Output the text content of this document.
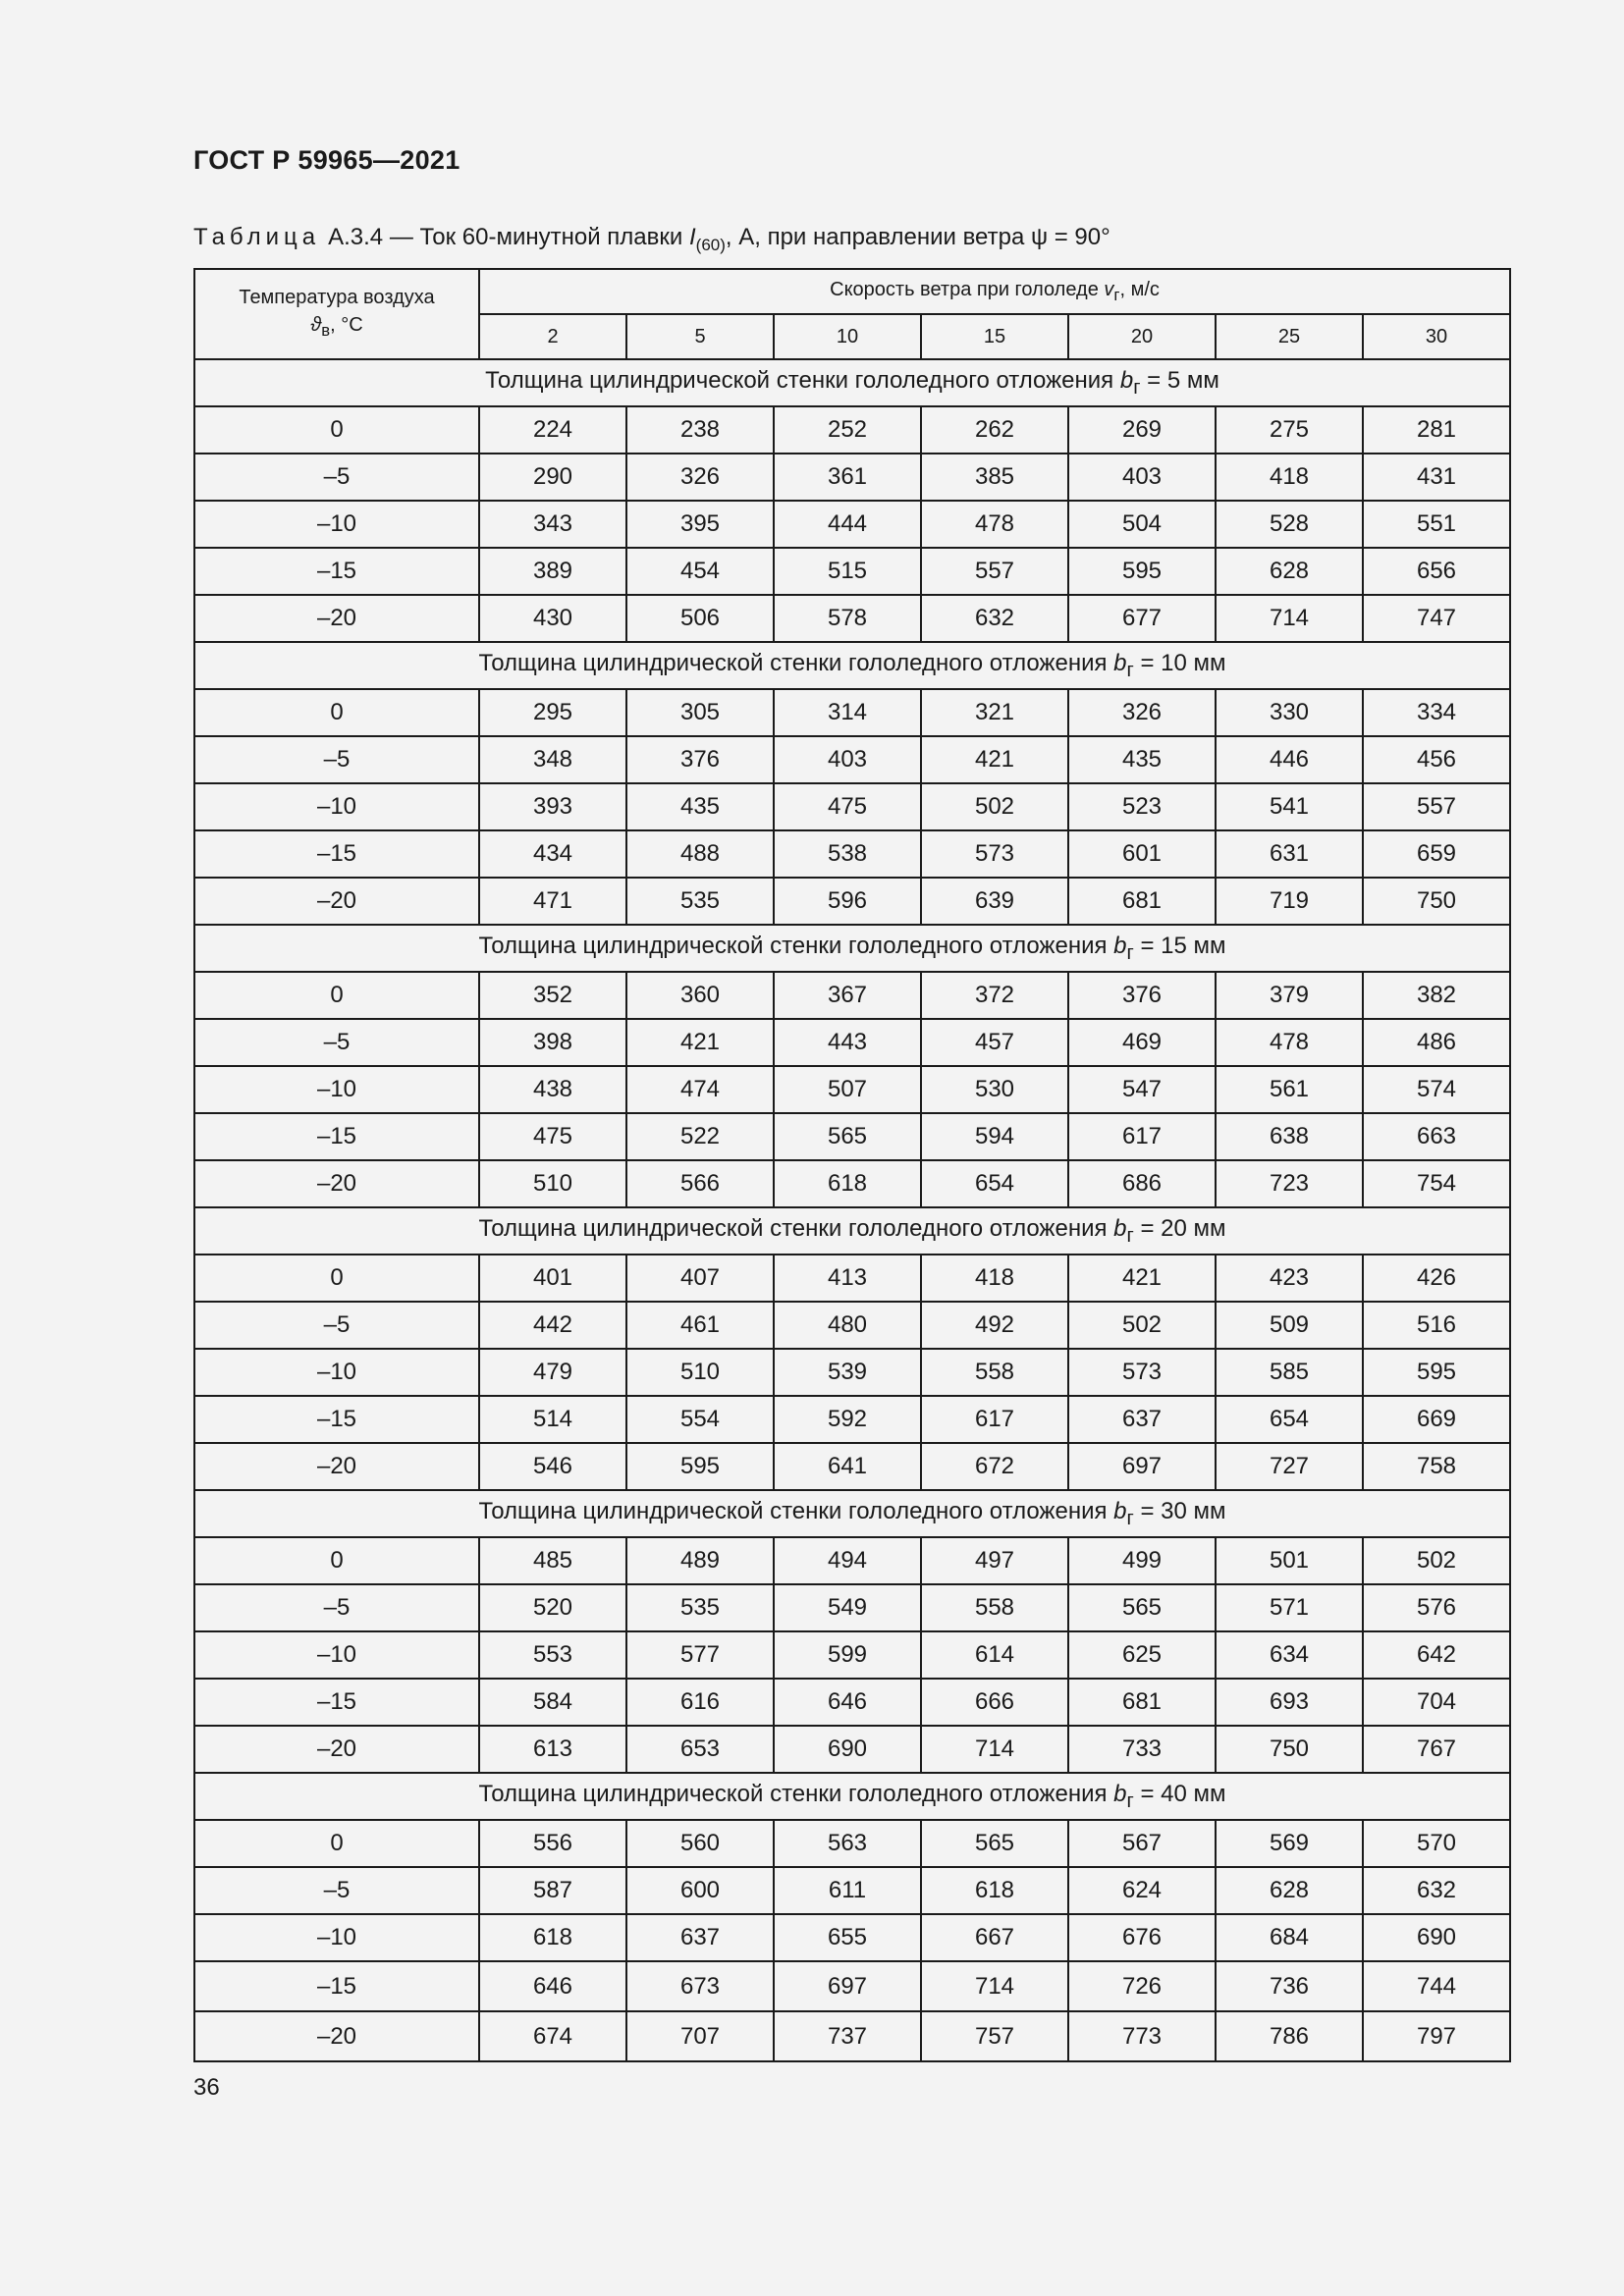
ГОСТ Р 59965—2021
Таблица А.3.4 — Ток 60-минутной плавки $I_{(60)}$, А, при направлении ветра ψ = 90°
Температура воздуха
$ϑ_в$, °С	Скорость ветра при гололеде $v_г$, м/с						
	2	5	10	15	20	25	30
Толщина цилиндрической стенки гололедного отложения $b_г = 5$ мм							
0	224	238	252	262	269	275	281
–5	290	326	361	385	403	418	431
–10	343	395	444	478	504	528	551
–15	389	454	515	557	595	628	656
–20	430	506	578	632	677	714	747
Толщина цилиндрической стенки гололедного отложения $b_г = 10$ мм							
0	295	305	314	321	326	330	334
–5	348	376	403	421	435	446	456
–10	393	435	475	502	523	541	557
–15	434	488	538	573	601	631	659
–20	471	535	596	639	681	719	750
Толщина цилиндрической стенки гололедного отложения $b_г = 15$ мм							
0	352	360	367	372	376	379	382
–5	398	421	443	457	469	478	486
–10	438	474	507	530	547	561	574
–15	475	522	565	594	617	638	663
–20	510	566	618	654	686	723	754
Толщина цилиндрической стенки гололедного отложения $b_г = 20$ мм							
0	401	407	413	418	421	423	426
–5	442	461	480	492	502	509	516
–10	479	510	539	558	573	585	595
–15	514	554	592	617	637	654	669
–20	546	595	641	672	697	727	758
Толщина цилиндрической стенки гололедного отложения $b_г = 30$ мм							
0	485	489	494	497	499	501	502
–5	520	535	549	558	565	571	576
–10	553	577	599	614	625	634	642
–15	584	616	646	666	681	693	704
–20	613	653	690	714	733	750	767
Толщина цилиндрической стенки гололедного отложения $b_г = 40$ мм							
0	556	560	563	565	567	569	570
–5	587	600	611	618	624	628	632
–10	618	637	655	667	676	684	690
–15	646	673	697	714	726	736	744
–20	674	707	737	757	773	786	797
36
